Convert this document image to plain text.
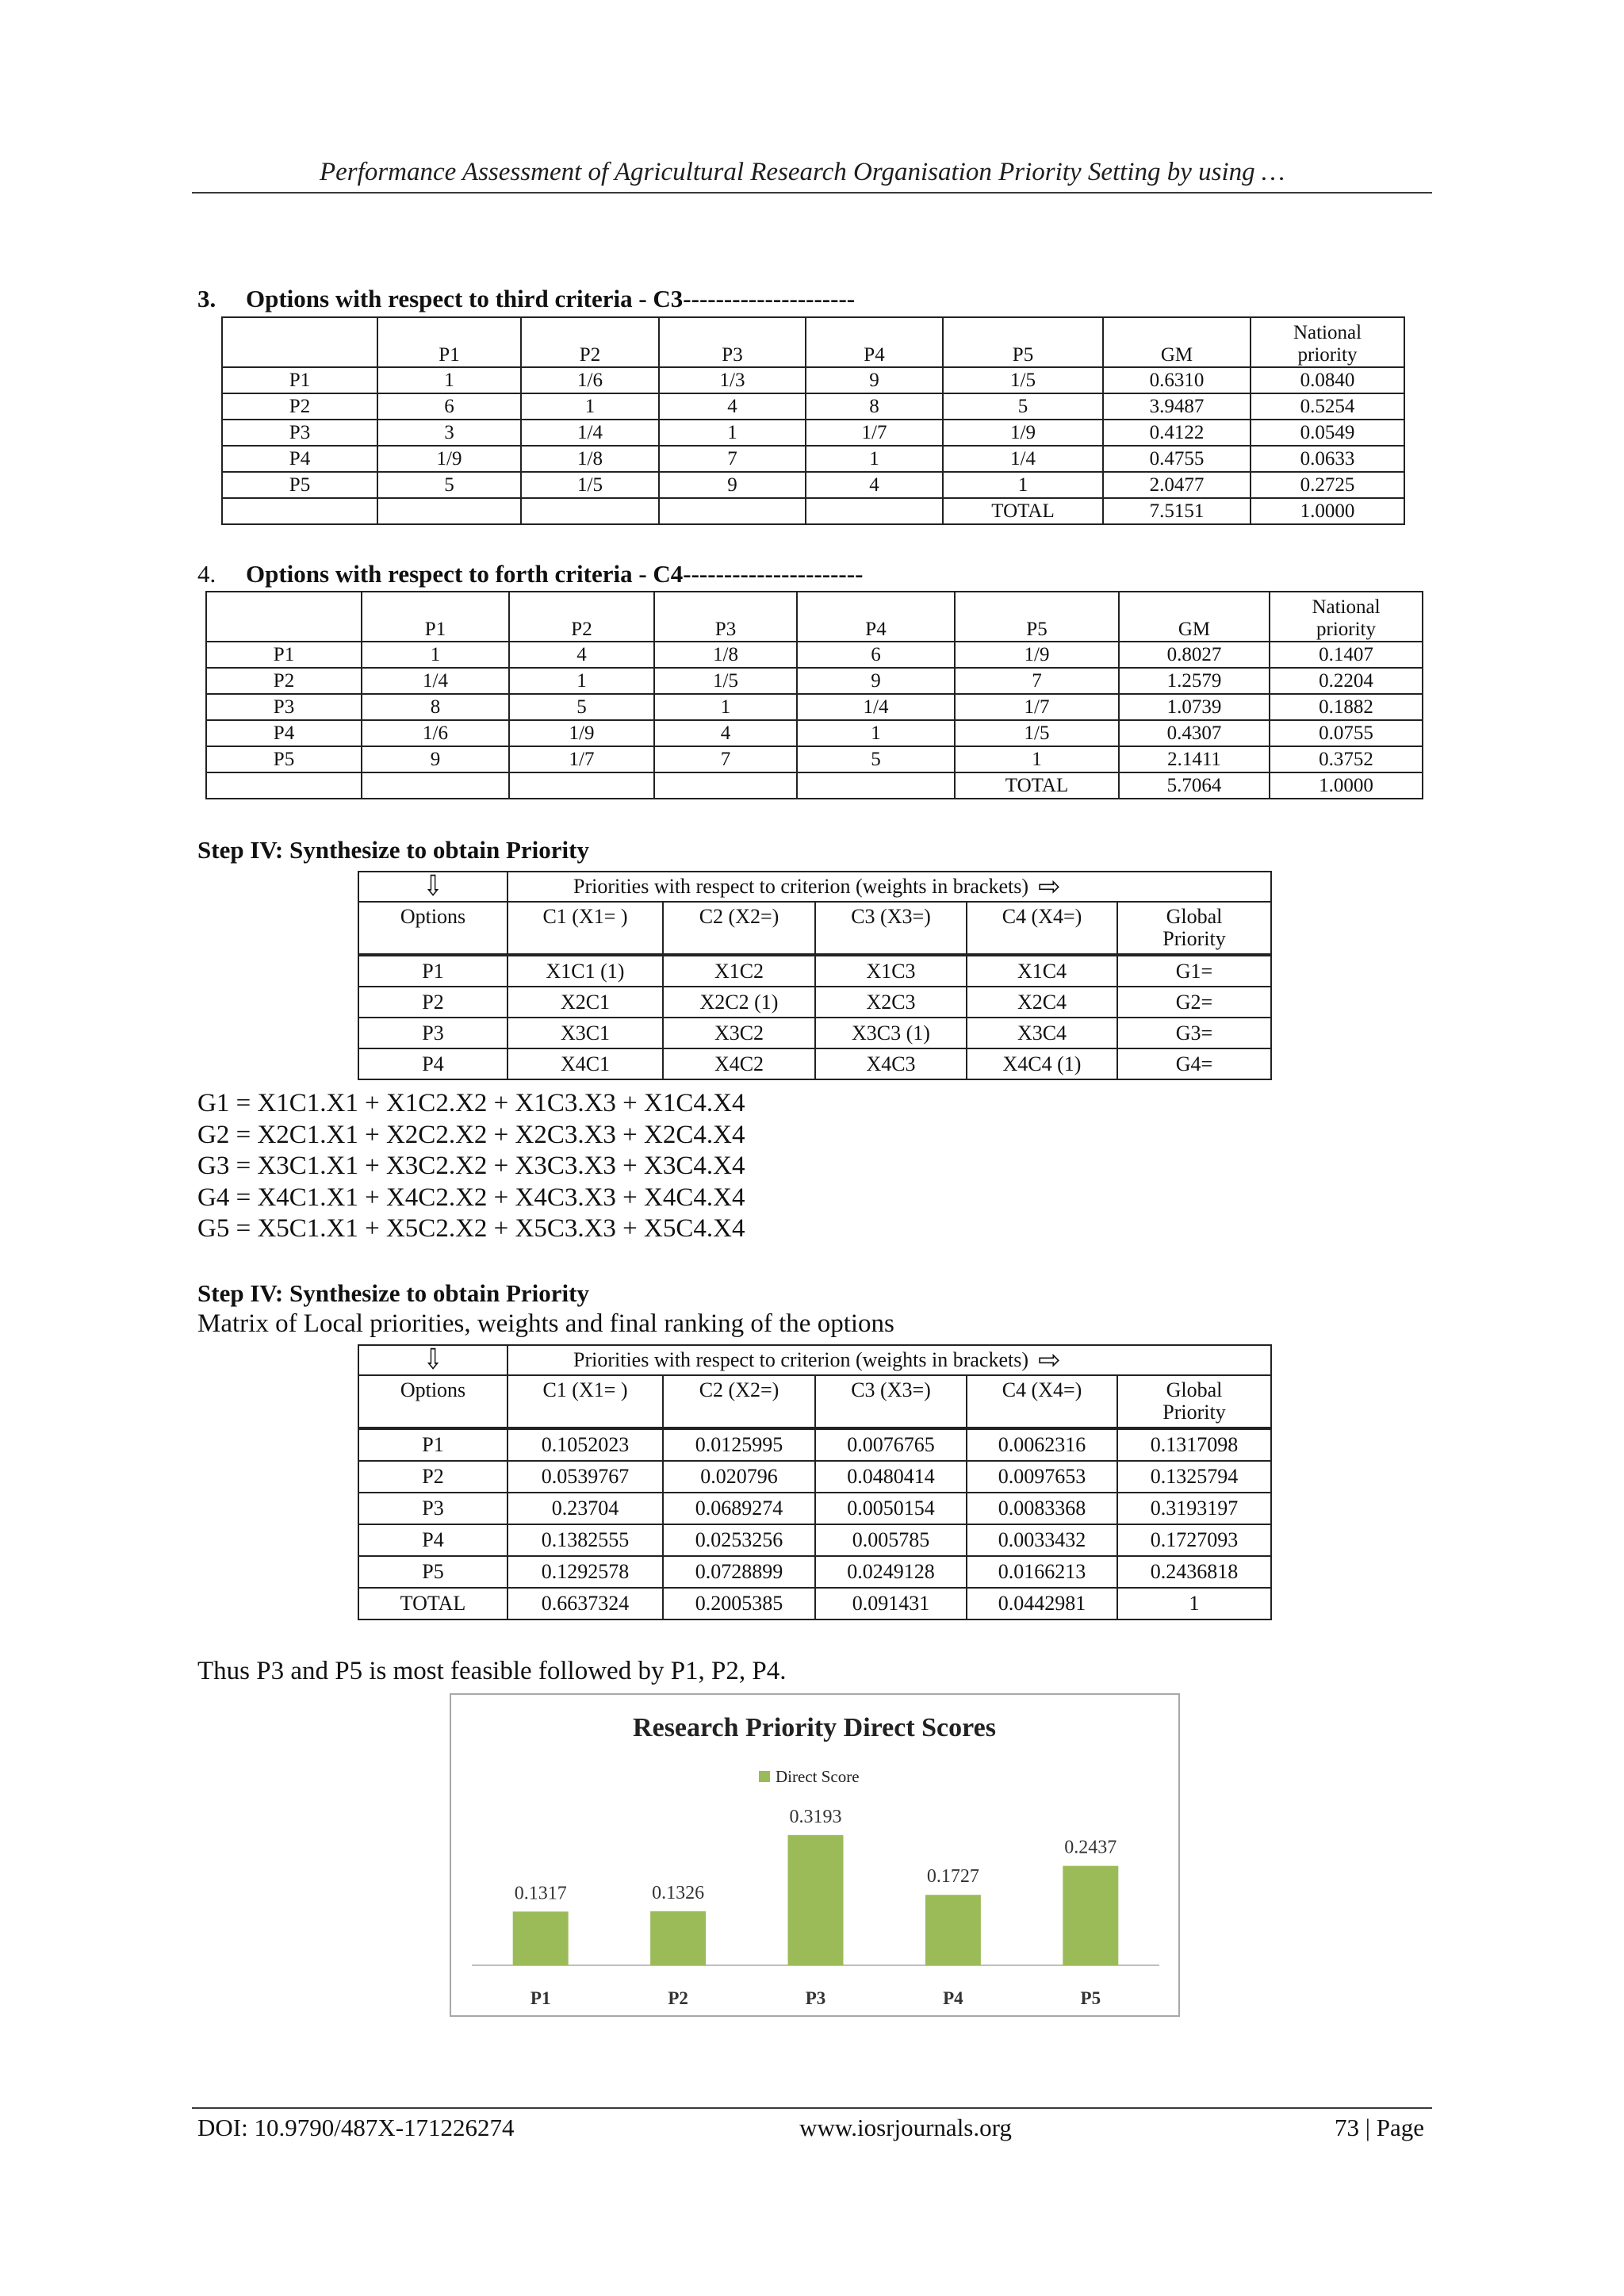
Performance Assessment of Agricultural Research Organisation Priority Setting by using …
3. Options with respect to third criteria - C3---------------------
	P1	P2	P3	P4	P5	GM	National priority
P1	1	1/6	1/3	9	1/5	0.6310	0.0840
P2	6	1	4	8	5	3.9487	0.5254
P3	3	1/4	1	1/7	1/9	0.4122	0.0549
P4	1/9	1/8	7	1	1/4	0.4755	0.0633
P5	5	1/5	9	4	1	2.0477	0.2725
					TOTAL	7.5151	1.0000
4. Options with respect to forth criteria - C4----------------------
	P1	P2	P3	P4	P5	GM	National priority
P1	1	4	1/8	6	1/9	0.8027	0.1407
P2	1/4	1	1/5	9	7	1.2579	0.2204
P3	8	5	1	1/4	1/7	1.0739	0.1882
P4	1/6	1/9	4	1	1/5	0.4307	0.0755
P5	9	1/7	7	5	1	2.1411	0.3752
					TOTAL	5.7064	1.0000
Step IV: Synthesize to obtain Priority
⇩	Priorities with respect to criterion (weights in brackets)⇨
Options	C1 (X1= )	C2 (X2=)	C3 (X3=)	C4 (X4=)	Global Priority
P1	X1C1 (1)	X1C2	X1C3	X1C4	G1=
P2	X2C1	X2C2 (1)	X2C3	X2C4	G2=
P3	X3C1	X3C2	X3C3 (1)	X3C4	G3=
P4	X4C1	X4C2	X4C3	X4C4 (1)	G4=
G1 = X1C1.X1 + X1C2.X2 + X1C3.X3 + X1C4.X4
G2 = X2C1.X1 + X2C2.X2 + X2C3.X3 + X2C4.X4
G3 = X3C1.X1 + X3C2.X2 + X3C3.X3 + X3C4.X4
G4 = X4C1.X1 + X4C2.X2 + X4C3.X3 + X4C4.X4
G5 = X5C1.X1 + X5C2.X2 + X5C3.X3 + X5C4.X4
Step IV: Synthesize to obtain Priority
Matrix of Local priorities, weights and final ranking of the options
⇩	Priorities with respect to criterion (weights in brackets)⇨
Options	C1 (X1= )	C2 (X2=)	C3 (X3=)	C4 (X4=)	Global Priority
P1	0.1052023	0.0125995	0.0076765	0.0062316	0.1317098
P2	0.0539767	0.020796	0.0480414	0.0097653	0.1325794
P3	0.23704	0.0689274	0.0050154	0.0083368	0.3193197
P4	0.1382555	0.0253256	0.005785	0.0033432	0.1727093
P5	0.1292578	0.0728899	0.0249128	0.0166213	0.2436818
TOTAL	0.6637324	0.2005385	0.091431	0.0442981	1
Thus P3 and P5 is most feasible followed by P1, P2, P4.
Research Priority Direct Scores
Direct Score
0.1317
P1
0.1326
P2
0.3193
P3
0.1727
P4
0.2437
P5
DOI: 10.9790/487X-171226274	www.iosrjournals.org	73 | Page
